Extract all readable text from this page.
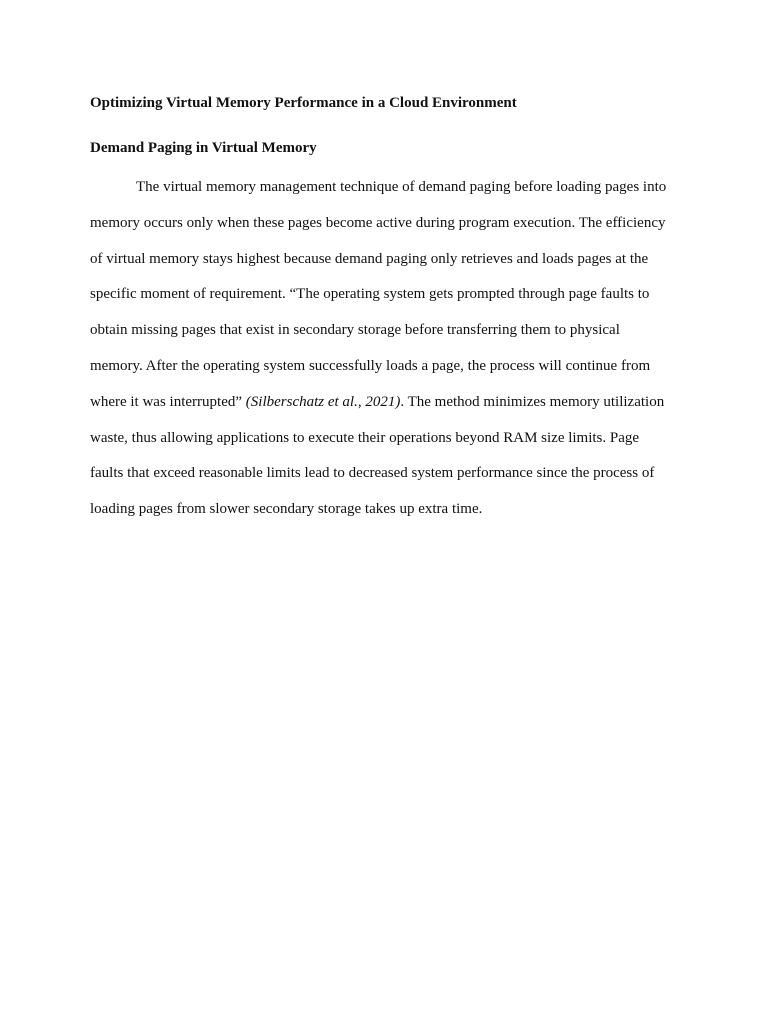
Optimizing Virtual Memory Performance in a Cloud Environment
Demand Paging in Virtual Memory
The virtual memory management technique of demand paging before loading pages into
memory occurs only when these pages become active during program execution. The efficiency
of virtual memory stays highest because demand paging only retrieves and loads pages at the
specific moment of requirement. “The operating system gets prompted through page faults to
obtain missing pages that exist in secondary storage before transferring them to physical
memory. After the operating system successfully loads a page, the process will continue from
where it was interrupted” (Silberschatz et al., 2021). The method minimizes memory utilization
waste, thus allowing applications to execute their operations beyond RAM size limits. Page
faults that exceed reasonable limits lead to decreased system performance since the process of
loading pages from slower secondary storage takes up extra time.
